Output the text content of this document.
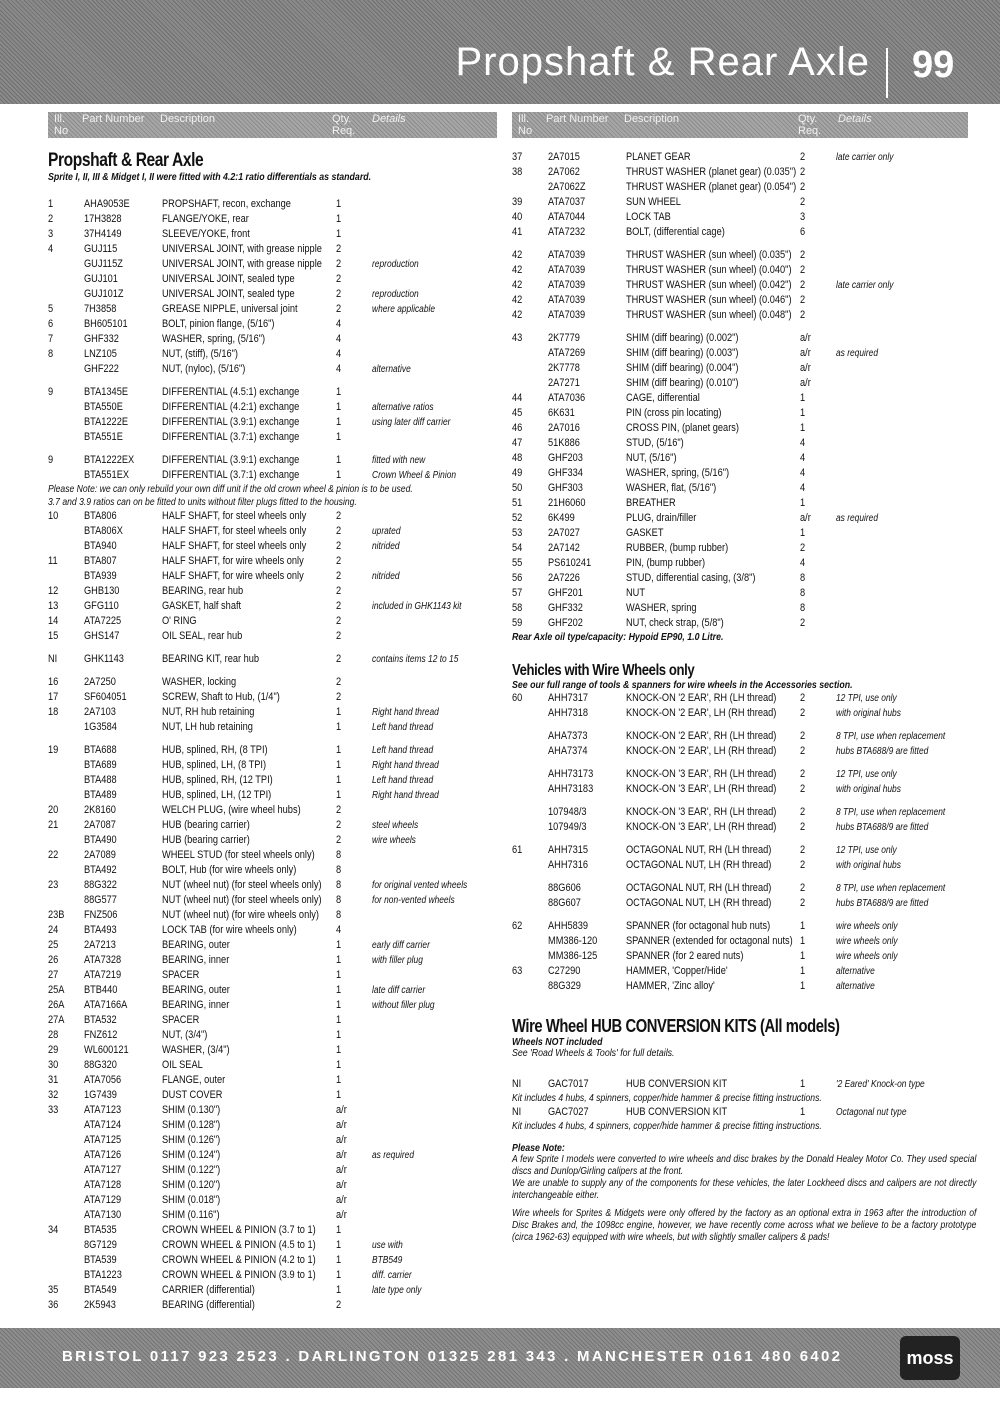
Propshaft & Rear Axle 99
Ill.
No
Part Number Description	Qty.
Req.
Details	Ill.
No
Part Number Description	Qty.
Req.
Details

Propshaft & Rear Axle

Sprite I, II, III & Midget I, II were fitted with 4.2:1 ratio differentials as standard.

1	AHA9053E	PROPSHAFT, recon, exchange	1
2	17H3828	FLANGE/YOKE, rear	1
3	37H4149	SLEEVE/YOKE, front	1
4	GUJ115	UNIVERSAL JOINT, with grease nipple 2
GUJ115Z	UNIVERSAL JOINT, with grease nipple 2	reproduction
GUJ101	UNIVERSAL JOINT, sealed type	2
GUJ101Z	UNIVERSAL JOINT, sealed type	2	reproduction
5	7H3858	GREASE NIPPLE, universal joint	2	where applicable
6	BH605101	BOLT, pinion flange, (5/16")	4
7	GHF332	WASHER, spring, (5/16")	4
8	LNZ105	NUT, (stiff), (5/16")	4
GHF222	NUT, (nyloc), (5/16")	4	alternative
9	BTA1345E	DIFFERENTIAL (4.5:1) exchange	1
BTA550E	DIFFERENTIAL (4.2:1) exchange	1	alternative ratios
BTA1222E	DIFFERENTIAL (3.9:1) exchange	1	using later diff carrier
BTA551E	DIFFERENTIAL (3.7:1) exchange	1
9	BTA1222EX	DIFFERENTIAL (3.9:1) exchange	1	fitted with new
BTA551EX	DIFFERENTIAL (3.7:1) exchange	1	Crown Wheel & Pinion
Please Note: we can only rebuild your own diff unit if the old crown wheel & pinion is to be used.
3.7 and 3.9 ratios can on be fitted to units without filter plugs fitted to the housing.
10 BTA806	HALF SHAFT, for steel wheels only	2
BTA806X	HALF SHAFT, for steel wheels only	2	uprated
BTA940	HALF SHAFT, for steel wheels only	2	nitrided
11 BTA807	HALF SHAFT, for wire wheels only	2
BTA939	HALF SHAFT, for wire wheels only	2	nitrided
12 GHB130	BEARING, rear hub	2
13 GFG110	GASKET, half shaft	2	included in GHK1143 kit
14 ATA7225	O' RING	2
15 GHS147	OIL SEAL, rear hub	2
NI GHK1143	BEARING KIT, rear hub	2	contains items 12 to 15
16 2A7250	WASHER, locking	2
17 SF604051	SCREW, Shaft to Hub, (1/4")	2
18 2A7103	NUT, RH hub retaining	1	Right hand thread
1G3584	NUT, LH hub retaining	1	Left hand thread
19 BTA688	HUB, splined, RH, (8 TPI)	1	Left hand thread
BTA689	HUB, splined, LH, (8 TPI)	1	Right hand thread
BTA488	HUB, splined, RH, (12 TPI)	1	Left hand thread
BTA489	HUB, splined, LH, (12 TPI)	1	Right hand thread
20 2K8160	WELCH PLUG, (wire wheel hubs)	2
21 2A7087	HUB (bearing carrier)	2	steel wheels
BTA490	HUB (bearing carrier)	2	wire wheels
22 2A7089	WHEEL STUD (for steel wheels only) 8
BTA492	BOLT, Hub (for wire wheels only)	8
23 88G322	NUT (wheel nut) (for steel wheels only) 8	for original vented wheels
88G577	NUT (wheel nut) (for steel wheels only) 8	for non-vented wheels
23B FNZ506	NUT (wheel nut) (for wire wheels only) 8
24 BTA493	LOCK TAB (for wire wheels only)	4
25 2A7213	BEARING, outer	1	early diff carrier
26 ATA7328	BEARING, inner	1	with filler plug
27 ATA7219	SPACER	1
25A BTB440	BEARING, outer	1	late diff carrier
26A ATA7166A	BEARING, inner	1	without filler plug
27A BTA532	SPACER	1
28 FNZ612	NUT, (3/4")	1
29 WL600121	WASHER, (3/4")	1
30 88G320	OIL SEAL	1
31 ATA7056	FLANGE, outer	1
32 1G7439	DUST COVER	1
33 ATA7123	SHIM (0.130")	a/r
ATA7124	SHIM (0.128")	a/r
ATA7125	SHIM (0.126")	a/r
ATA7126	SHIM (0.124")	a/r	as required
ATA7127	SHIM (0.122")	a/r
ATA7128	SHIM (0.120")	a/r
ATA7129	SHIM (0.018")	a/r
ATA7130	SHIM (0.116")	a/r
34 BTA535	CROWN WHEEL & PINION (3.7 to 1) 1
8G7129	CROWN WHEEL & PINION (4.5 to 1) 1	use with
BTA539	CROWN WHEEL & PINION (4.2 to 1) 1	BTB549
BTA1223	CROWN WHEEL & PINION (3.9 to 1) 1	diff. carrier
35 BTA549	CARRIER (differential)	1	late type only
36 2K5943	BEARING (differential)	2
37 2A7015	PLANET GEAR	2	late carrier only
38 2A7062	THRUST WASHER (planet gear) (0.035") 2
2A7062Z	THRUST WASHER (planet gear) (0.054") 2
39 ATA7037	SUN WHEEL	2
40 ATA7044	LOCK TAB	3
41 ATA7232	BOLT, (differential cage)	6
42 ATA7039	THRUST WASHER (sun wheel) (0.035") 2
42 ATA7039	THRUST WASHER (sun wheel) (0.040") 2
42 ATA7039	THRUST WASHER (sun wheel) (0.042") 2	late carrier only
42 ATA7039	THRUST WASHER (sun wheel) (0.046") 2
42 ATA7039	THRUST WASHER (sun wheel) (0.048") 2
43 2K7779	SHIM (diff bearing) (0.002")	a/r
ATA7269	SHIM (diff bearing) (0.003")	a/r	as required
2K7778	SHIM (diff bearing) (0.004")	a/r
2A7271	SHIM (diff bearing) (0.010")	a/r
44 ATA7036	CAGE, differential	1
45 6K631	PIN (cross pin locating)	1
46 2A7016	CROSS PIN, (planet gears)	1
47 51K886	STUD, (5/16")	4
48 GHF203	NUT, (5/16")	4
49 GHF334	WASHER, spring, (5/16")	4
50 GHF303	WASHER, flat, (5/16")	4
51 21H6060	BREATHER	1
52 6K499	PLUG, drain/filler	a/r	as required
53 2A7027	GASKET	1
54 2A7142	RUBBER, (bump rubber)	2
55 PS610241	PIN, (bump rubber)	4
56 2A7226	STUD, differential casing, (3/8")	8
57 GHF201	NUT	8
58 GHF332	WASHER, spring	8
59 GHF202	NUT, check strap, (5/8")	2
Rear Axle oil type/capacity: Hypoid EP90, 1.0 Litre.

Vehicles with Wire Wheels only

See our full range of tools & spanners for wire wheels in the Accessories section.

60 AHH7317	KNOCK-ON '2 EAR', RH (LH thread) 2	12 TPI, use only
AHH7318	KNOCK-ON '2 EAR', LH (RH thread) 2	with original hubs
AHA7373	KNOCK-ON '2 EAR', RH (LH thread) 2	8 TPI, use when replacement
AHA7374	KNOCK-ON '2 EAR', LH (RH thread) 2	hubs BTA688/9 are fitted
AHH73173	KNOCK-ON '3 EAR', RH (LH thread) 2	12 TPI, use only
AHH73183	KNOCK-ON '3 EAR', LH (RH thread) 2	with original hubs
107948/3	KNOCK-ON '3 EAR', RH (LH thread) 2	8 TPI, use when replacement
107949/3	KNOCK-ON '3 EAR', LH (RH thread) 2	hubs BTA688/9 are fitted
61 AHH7315	OCTAGONAL NUT, RH (LH thread)	2	12 TPI, use only
AHH7316	OCTAGONAL NUT, LH (RH thread)	2	with original hubs
88G606	OCTAGONAL NUT, RH (LH thread)	2	8 TPI, use when replacement
88G607	OCTAGONAL NUT, LH (RH thread)	2	hubs BTA688/9 are fitted
62 AHH5839	SPANNER (for octagonal hub nuts)	1	wire wheels only
MM386-120	SPANNER (extended for octagonal nuts) 1	wire wheels only
MM386-125	SPANNER (for 2 eared nuts)	1	wire wheels only
63 C27290	HAMMER, 'Copper/Hide'	1	alternative
88G329	HAMMER, 'Zinc alloy'	1	alternative

Wire Wheel HUB CONVERSION KITS (All models)

Wheels NOT included

See 'Road Wheels & Tools' for full details.

NI GAC7017	HUB CONVERSION KIT	1	'2 Eared' Knock-on type
Kit includes 4 hubs, 4 spinners, copper/hide hammer & precise fitting instructions.
NI GAC7027	HUB CONVERSION KIT	1	Octagonal nut type
Kit includes 4 hubs, 4 spinners, copper/hide hammer & precise fitting instructions.

Please Note:

A few Sprite I models were converted to wire wheels and disc brakes by the Donald Healey Motor Co. They used special discs and Dunlop/Girling calipers at the front.

We are unable to supply any of the components for these vehicles, the later Lockheed discs and calipers are not directly interchangeable either.

Wire wheels for Sprites & Midgets were only offered by the factory as an optional extra in 1963 after the introduction of Disc Brakes and, the 1098cc engine, however, we have recently come across what we believe to be a factory prototype (circa 1962-63) equipped with wire wheels, but with slightly smaller calipers & pads!

BRISTOL 0117 923 2523 . DARLINGTON 01325 281 343 . MANCHESTER 0161 480 6402	moss
